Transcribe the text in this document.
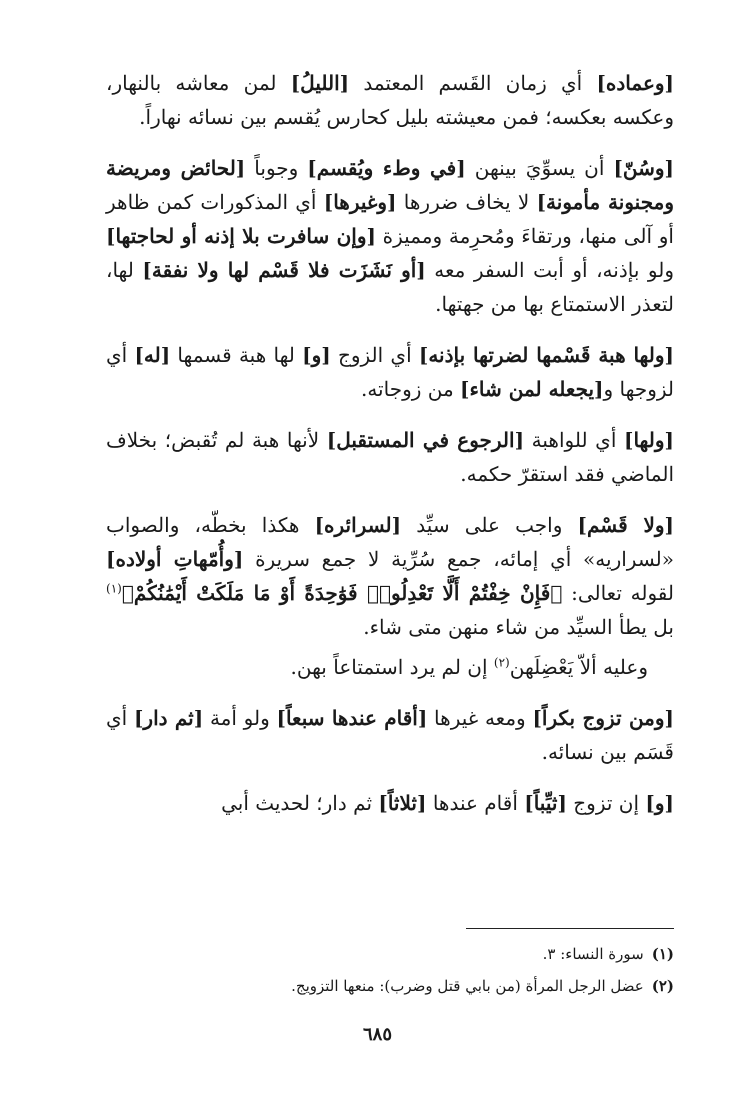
[وعماده] أي زمان القَسم المعتمد [الليلُ] لمن معاشه بالنهار، وعكسه بعكسه؛ فمن معيشته بليل كحارس يُقسم بين نسائه نهاراً.

[وسُنّ] أن يسوِّيَ بينهن [في وطء ويُقسم] وجوباً [لحائض ومريضة ومجنونة مأمونة] لا يخاف ضررها [وغيرها] أي المذكورات كمن ظاهر أو آلى منها، ورتقاءَ ومُحرِمة ومميزة [وإن سافرت بلا إذنه أو لحاجتها] ولو بإذنه، أو أبت السفر معه [أو نَشَزَت فلا قَسْم لها ولا نفقة] لها، لتعذر الاستمتاع بها من جهتها.

[ولها هبة قَسْمها لضرتها بإذنه] أي الزوج [و] لها هبة قسمها [له] أي لزوجها و[يجعله لمن شاء] من زوجاته.

[ولها] أي للواهبة [الرجوع في المستقبل] لأنها هبة لم تُقبض؛ بخلاف الماضي فقد استقرّ حكمه.

[ولا قَسْم] واجب على سيِّد [لسرائره] هكذا بخطّه، والصواب «لسراريه» أي إمائه، جمع سُرِّية لا جمع سريرة [وأُمّهاتِ أولاده] لقوله تعالى: ﴿فَإِنْ خِفْتُمْ أَلَّا تَعْدِلُوا۟ فَوَٰحِدَةً أَوْ مَا مَلَكَتْ أَيْمَٰنُكُمْ﴾$^{(١)}$ بل يطأ السيِّد من شاء منهن متى شاء.

وعليه ألاّ يَعْضِلَهن$^{(٢)}$ إن لم يرد استمتاعاً بهن.

[ومن تزوج بكراً] ومعه غيرها [أقام عندها سبعاً] ولو أمة [ثم دار] أي قَسَم بين نسائه.

[و] إن تزوج [ثيِّباً] أقام عندها [ثلاثاً] ثم دار؛ لحديث أبي

(١)سورة النساء: ٣.
(٢)عضل الرجل المرأة (من بابي قتل وضرب): منعها التزويج.
٦٨٥
